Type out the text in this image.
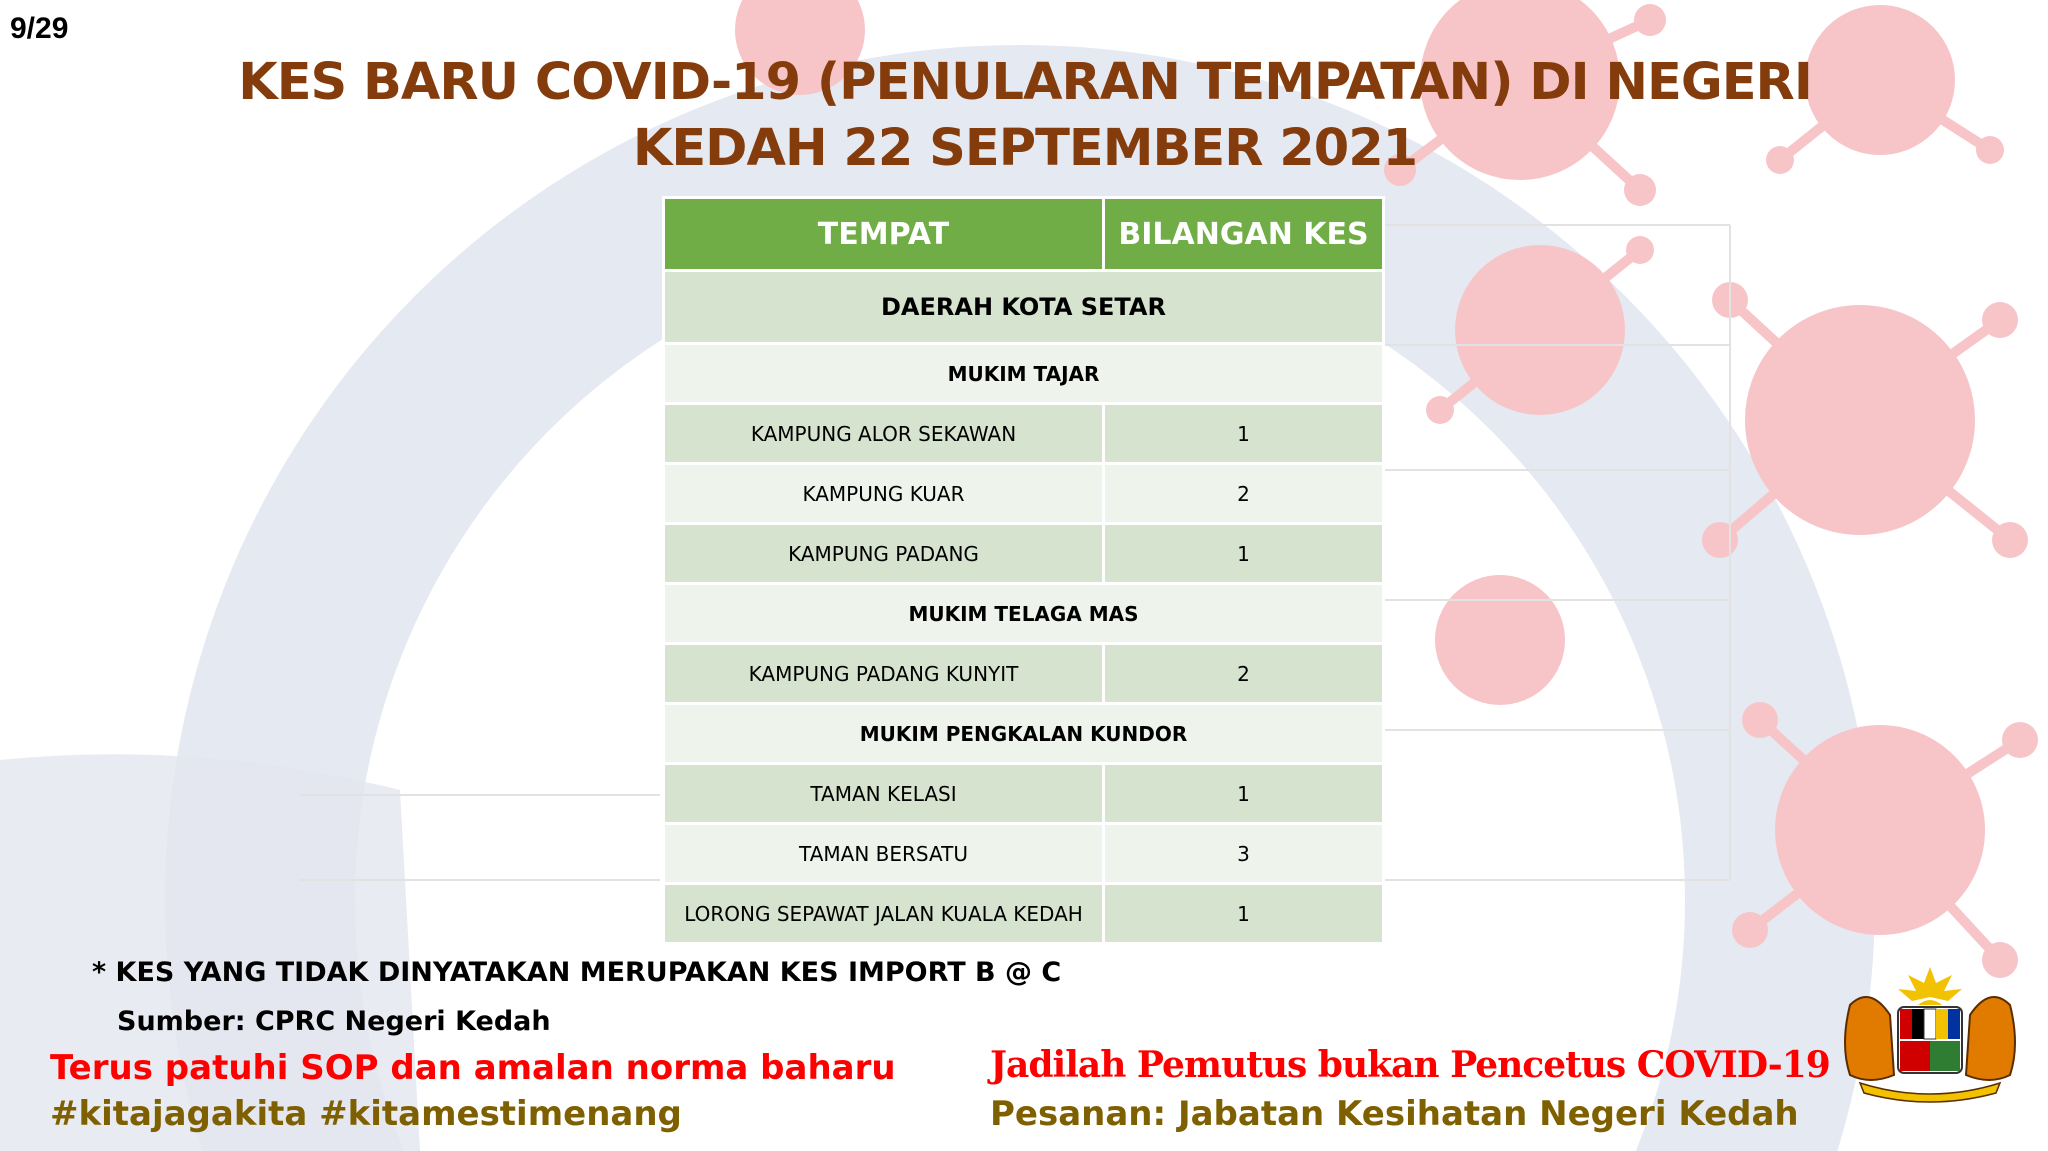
9/29
KES BARU COVID-19 (PENULARAN TEMPATAN) DI NEGERI
KEDAH 22 SEPTEMBER 2021
TEMPAT	BILANGAN KES
DAERAH KOTA SETAR	
MUKIM TAJAR	
KAMPUNG ALOR SEKAWAN	1
KAMPUNG KUAR	2
KAMPUNG PADANG	1
MUKIM TELAGA MAS	
KAMPUNG PADANG KUNYIT	2
MUKIM PENGKALAN KUNDOR	
TAMAN KELASI	1
TAMAN BERSATU	3
LORONG SEPAWAT JALAN KUALA KEDAH	1
* KES YANG TIDAK DINYATAKAN MERUPAKAN KES IMPORT B @ C
Sumber: CPRC Negeri Kedah
Terus patuhi SOP dan amalan norma baharu
#kitajagakita #kitamestimenang
Jadilah Pemutus bukan Pencetus COVID-19
Pesanan: Jabatan Kesihatan Negeri Kedah
